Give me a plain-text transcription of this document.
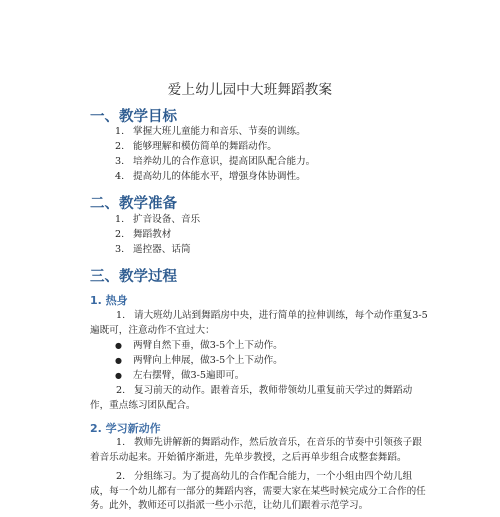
爱上幼儿园中大班舞蹈教案
一、教学目标
1. 掌握大班儿童能力和音乐、节奏的训练。
2. 能够理解和模仿简单的舞蹈动作。
3. 培养幼儿的合作意识，提高团队配合能力。
4. 提高幼儿的体能水平，增强身体协调性。
二、教学准备
1. 扩音设备、音乐
2. 舞蹈教材
3. 遥控器、话筒
三、教学过程
1. 热身
1. 请大班幼儿站到舞蹈房中央，进行简单的拉伸训练，每个动作重复3-5遍既可，注意动作不宜过大：
● 两臂自然下垂，做3-5个上下动作。
● 两臂向上伸展，做3-5个上下动作。
● 左右摆臂，做3-5遍即可。
2. 复习前天的动作。跟着音乐，教师带领幼儿重复前天学过的舞蹈动作，重点练习团队配合。
2. 学习新动作
1. 教师先讲解新的舞蹈动作，然后放音乐，在音乐的节奏中引领孩子跟着音乐动起来。开始循序渐进，先单步教授，之后再单步组合成整套舞蹈。
2. 分组练习。为了提高幼儿的合作配合能力，一个小组由四个幼儿组成，每一个幼儿都有一部分的舞蹈内容，需要大家在某些时候完成分工合作的任务。此外，教师还可以指派一些小示范，让幼儿们跟着示范学习。
